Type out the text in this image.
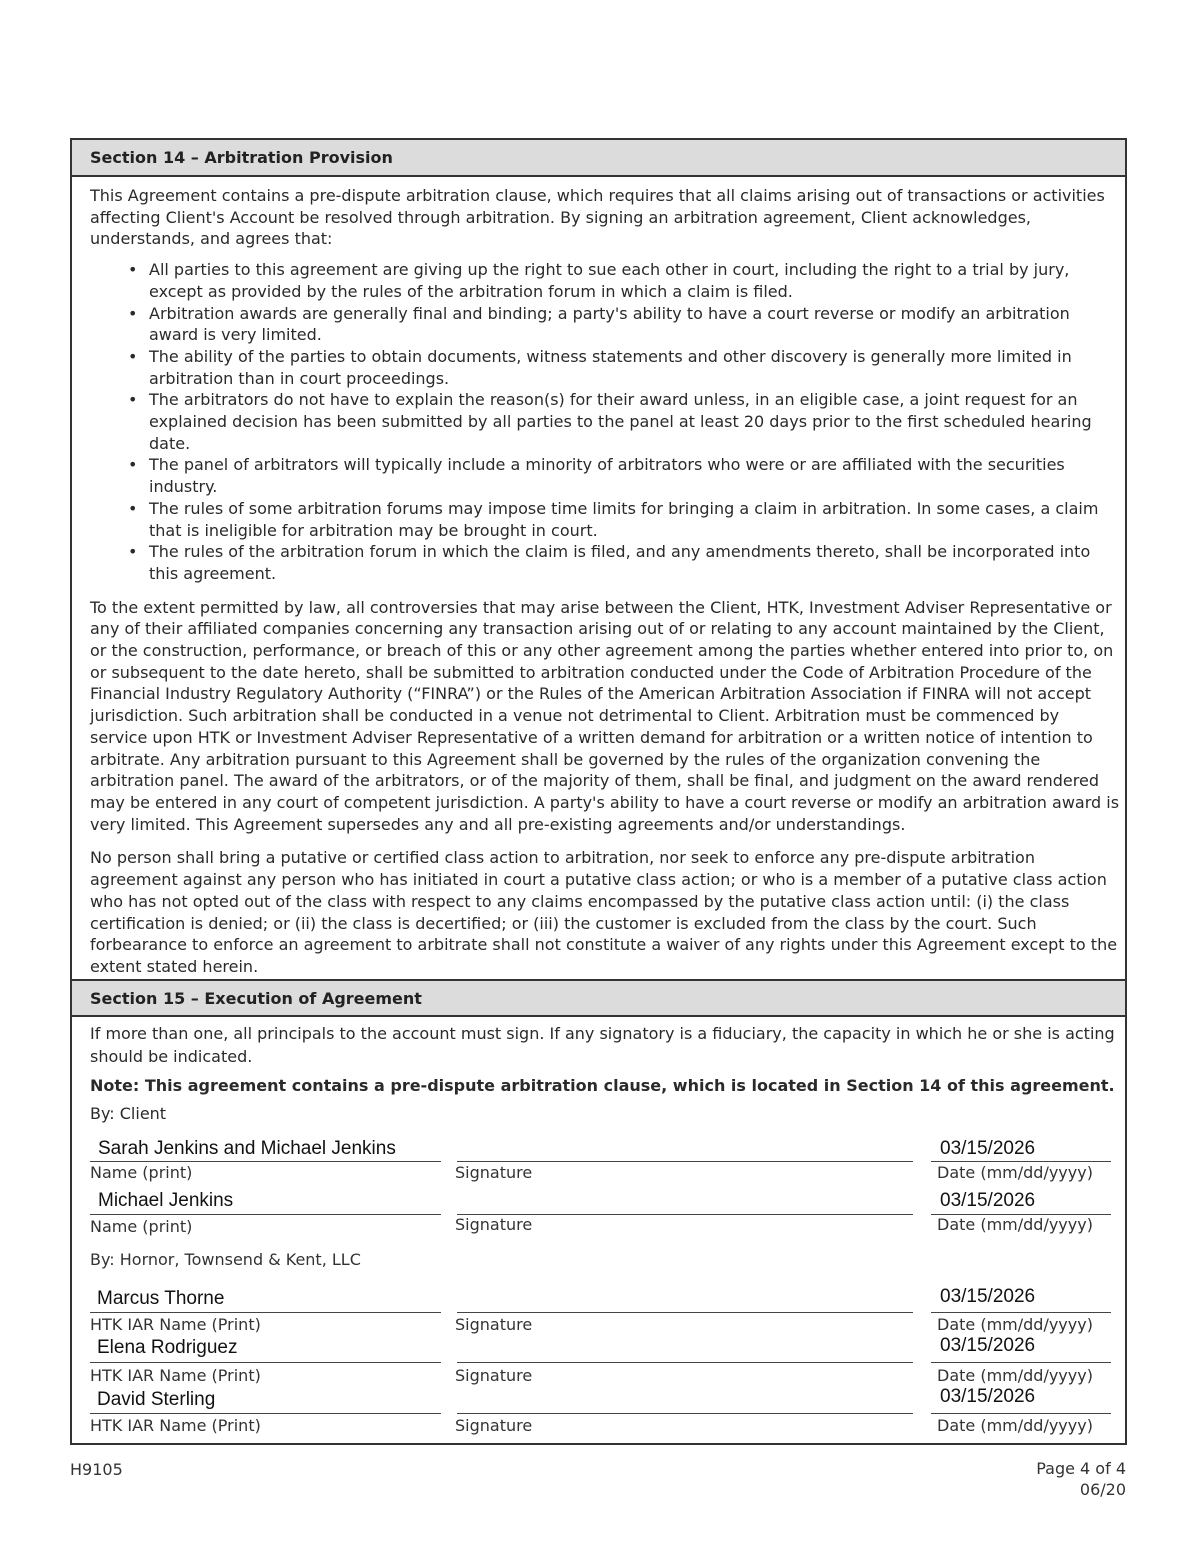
Section 14 – Arbitration Provision

This Agreement contains a pre-dispute arbitration clause, which requires that all claims arising out of transactions or activities affecting Client's Account be resolved through arbitration. By signing an arbitration agreement, Client acknowledges, understands, and agrees that:

• All parties to this agreement are giving up the right to sue each other in court, including the right to a trial by jury, except as provided by the rules of the arbitration forum in which a claim is filed.
• Arbitration awards are generally final and binding; a party's ability to have a court reverse or modify an arbitration award is very limited.
• The ability of the parties to obtain documents, witness statements and other discovery is generally more limited in arbitration than in court proceedings.
• The arbitrators do not have to explain the reason(s) for their award unless, in an eligible case, a joint request for an explained decision has been submitted by all parties to the panel at least 20 days prior to the first scheduled hearing date.
• The panel of arbitrators will typically include a minority of arbitrators who were or are affiliated with the securities industry.
• The rules of some arbitration forums may impose time limits for bringing a claim in arbitration. In some cases, a claim that is ineligible for arbitration may be brought in court.
• The rules of the arbitration forum in which the claim is filed, and any amendments thereto, shall be incorporated into this agreement.

To the extent permitted by law, all controversies that may arise between the Client, HTK, Investment Adviser Representative or any of their affiliated companies concerning any transaction arising out of or relating to any account maintained by the Client, or the construction, performance, or breach of this or any other agreement among the parties whether entered into prior to, on or subsequent to the date hereto, shall be submitted to arbitration conducted under the Code of Arbitration Procedure of the Financial Industry Regulatory Authority (“FINRA”) or the Rules of the American Arbitration Association if FINRA will not accept jurisdiction. Such arbitration shall be conducted in a venue not detrimental to Client. Arbitration must be commenced by service upon HTK or Investment Adviser Representative of a written demand for arbitration or a written notice of intention to arbitrate. Any arbitration pursuant to this Agreement shall be governed by the rules of the organization convening the arbitration panel. The award of the arbitrators, or of the majority of them, shall be final, and judgment on the award rendered may be entered in any court of competent jurisdiction. A party's ability to have a court reverse or modify an arbitration award is very limited. This Agreement supersedes any and all pre-existing agreements and/or understandings.

No person shall bring a putative or certified class action to arbitration, nor seek to enforce any pre-dispute arbitration agreement against any person who has initiated in court a putative class action; or who is a member of a putative class action who has not opted out of the class with respect to any claims encompassed by the putative class action until: (i) the class certification is denied; or (ii) the class is decertified; or (iii) the customer is excluded from the class by the court. Such forbearance to enforce an agreement to arbitrate shall not constitute a waiver of any rights under this Agreement except to the extent stated herein.

Section 15 – Execution of Agreement

If more than one, all principals to the account must sign. If any signatory is a fiduciary, the capacity in which he or she is acting should be indicated.

Note: This agreement contains a pre-dispute arbitration clause, which is located in Section 14 of this agreement.

By: Client

Sarah Jenkins and Michael Jenkins	03/15/2026
Name (print)	Signature	Date (mm/dd/yyyy)
Michael Jenkins	03/15/2026
Name (print)	Signature	Date (mm/dd/yyyy)
By: Hornor, Townsend & Kent, LLC
Marcus Thorne	03/15/2026
HTK IAR Name (Print)	Signature	Date (mm/dd/yyyy)
Elena Rodriguez	03/15/2026
HTK IAR Name (Print)	Signature	Date (mm/dd/yyyy)
David Sterling	03/15/2026
HTK IAR Name (Print)	Signature	Date (mm/dd/yyyy)
H9105	Page 4 of 4
06/20
